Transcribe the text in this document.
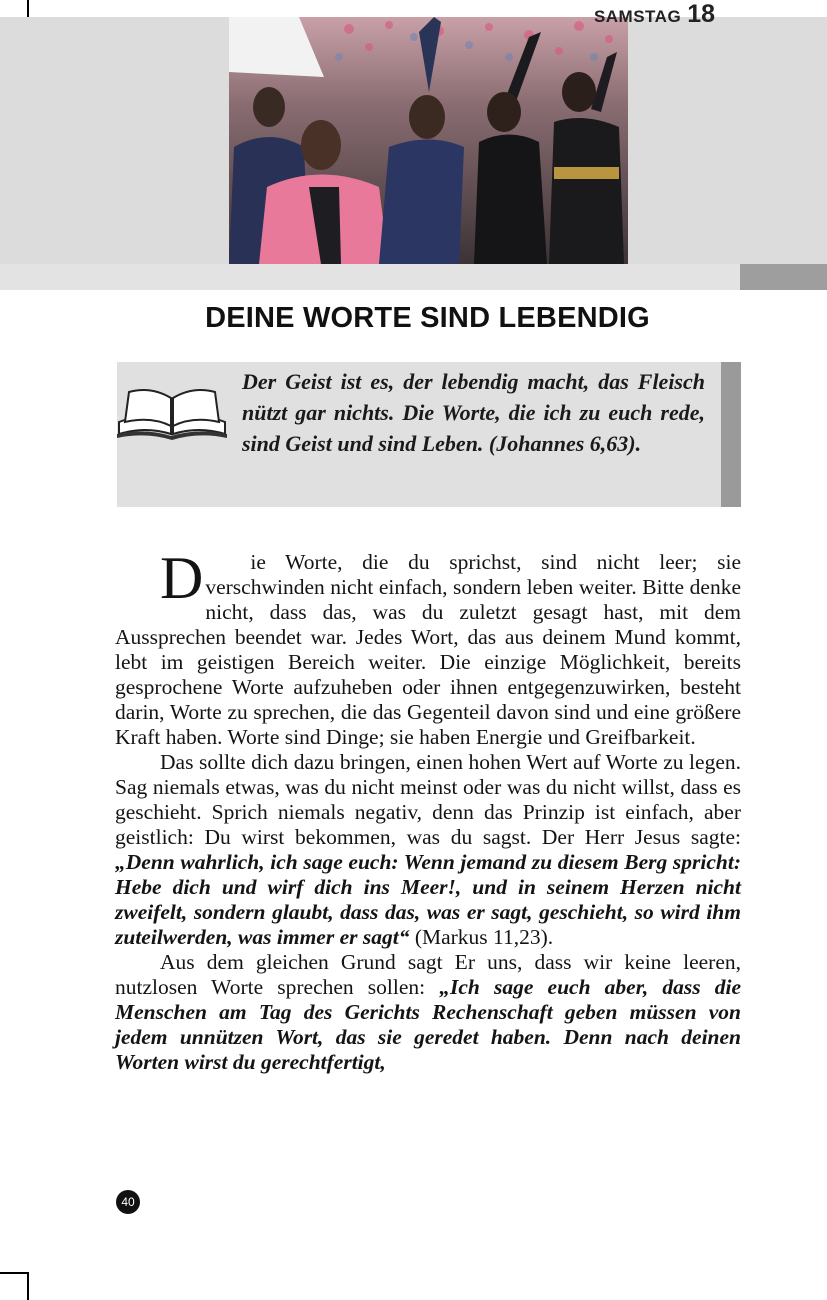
SAMSTAG 18
DEINE WORTE SIND LEBENDIG
Der Geist ist es, der lebendig macht, das Fleisch nützt gar nichts. Die Worte, die ich zu euch rede, sind Geist und sind Leben. (Johannes 6,63).

D ie Worte, die du sprichst, sind nicht leer; sie verschwinden nicht einfach, sondern leben weiter. Bitte denke nicht, dass das, was du zuletzt gesagt hast, mit dem Aussprechen beendet war. Jedes Wort, das aus deinem Mund kommt, lebt im geistigen Bereich weiter. Die einzige Möglichkeit, bereits gesprochene Worte aufzuheben oder ihnen entgegenzuwirken, besteht darin, Worte zu sprechen, die das Gegenteil davon sind und eine größere Kraft haben. Worte sind Dinge; sie haben Energie und Greifbarkeit.

Das sollte dich dazu bringen, einen hohen Wert auf Worte zu legen. Sag niemals etwas, was du nicht meinst oder was du nicht willst, dass es geschieht. Sprich niemals negativ, denn das Prinzip ist einfach, aber geistlich: Du wirst bekommen, was du sagst. Der Herr Jesus sagte: „Denn wahrlich, ich sage euch: Wenn jemand zu diesem Berg spricht: Hebe dich und wirf dich ins Meer!, und in seinem Herzen nicht zweifelt, sondern glaubt, dass das, was er sagt, geschieht, so wird ihm zuteilwerden, was immer er sagt“ (Markus 11,23).

Aus dem gleichen Grund sagt Er uns, dass wir keine leeren, nutzlosen Worte sprechen sollen: „Ich sage euch aber, dass die Menschen am Tag des Gerichts Rechenschaft geben müssen von jedem unnützen Wort, das sie geredet haben. Denn nach deinen Worten wirst du gerechtfertigt,

40
